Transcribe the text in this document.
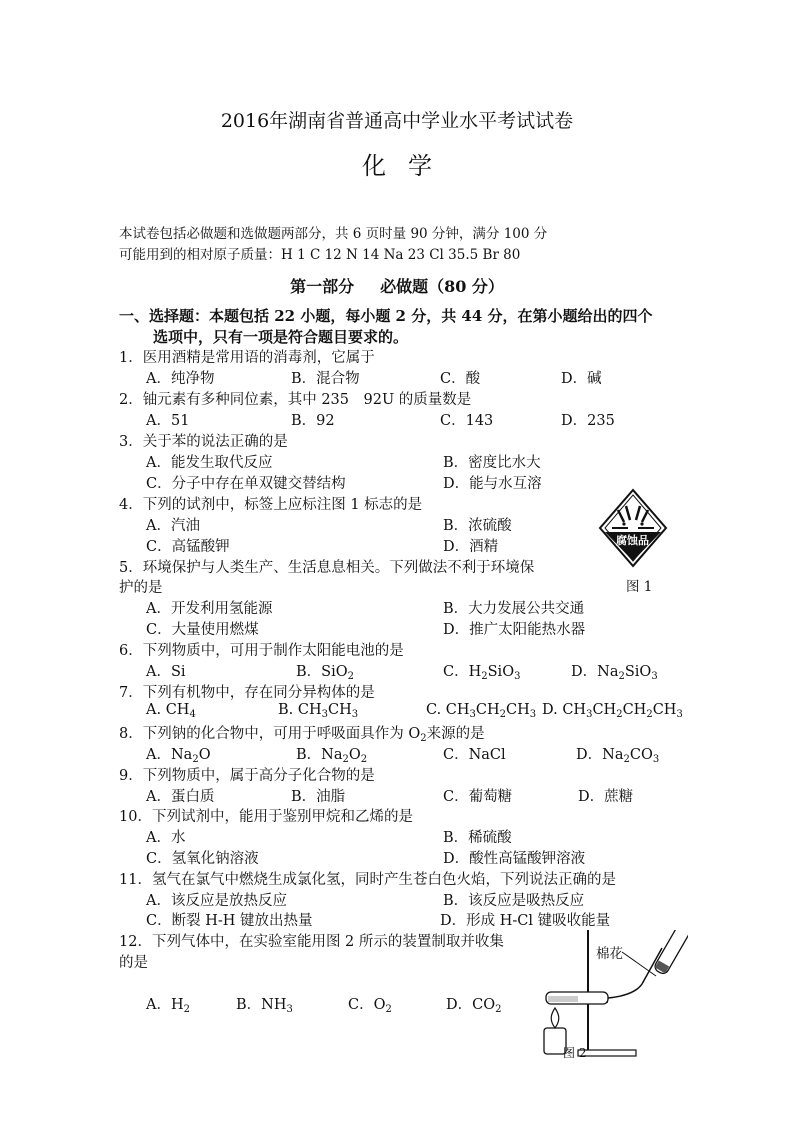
2016年湖南省普通高中学业水平考试试卷
化学
本试卷包括必做题和选做题两部分，共 6 页时量 90 分钟，满分 100 分
可能用到的相对原子质量：H 1 C 12 N 14 Na 23 Cl 35.5 Br 80
第一部分 必做题（80 分）
一、选择题：本题包括 22 小题，每小题 2 分，共 44 分，在第小题给出的四个
选项中，只有一项是符合题目要求的。
1．医用酒精是常用语的消毒剂，它属于
A．纯净物	B．混合物	C．酸	D．碱
2．铀元素有多种同位素，其中 235　92U 的质量数是
A．51	B．92	C．143	D．235
3．关于苯的说法正确的是
A．能发生取代反应	B．密度比水大
C．分子中存在单双键交替结构	D．能与水互溶
4．下列的试剂中，标签上应标注图 1 标志的是
A．汽油	B．浓硫酸
C．高锰酸钾	D．酒精	腐蚀品
5．环境保护与人类生产、生活息息相关。下列做法不利于环境保
护的是	图 1
A．开发利用氢能源	B．大力发展公共交通
C．大量使用燃煤	D．推广太阳能热水器
6．下列物质中，可用于制作太阳能电池的是
A．Si	B．SiO$_2$	C．$H_2SiO_3$	D．$Na_2SiO_3$
7．下列有机物中，存在同分异构体的是
A. $CH_4$	B. $CH_3CH_3$	C. $CH_3CH_2CH_3$ D. $CH_3CH_2CH_2CH_3$
8．下列钠的化合物中，可用于呼吸面具作为 $O_2$来源的是
A．$Na_2O$	B．$Na_2O_2$	C．NaCl	D．$Na_2CO_3$
9．下列物质中，属于高分子化合物的是
A．蛋白质	B．油脂	C．葡萄糖	D．蔗糖
10．下列试剂中，能用于鉴别甲烷和乙烯的是
A．水	B．稀硫酸
C．氢氧化钠溶液	D．酸性高锰酸钾溶液
11．氢气在氯气中燃烧生成氯化氢，同时产生苍白色火焰，下列说法正确的是
A．该反应是放热反应	B．该反应是吸热反应
C．断裂 H-H 键放出热量	D．形成 H-Cl 键吸收能量
12．下列气体中，在实验室能用图 2 所示的装置制取并收集
的是
A．$H_2$	B．$NH_3$	C．$O_2$	D．$CO_2$
棉花
图 2
